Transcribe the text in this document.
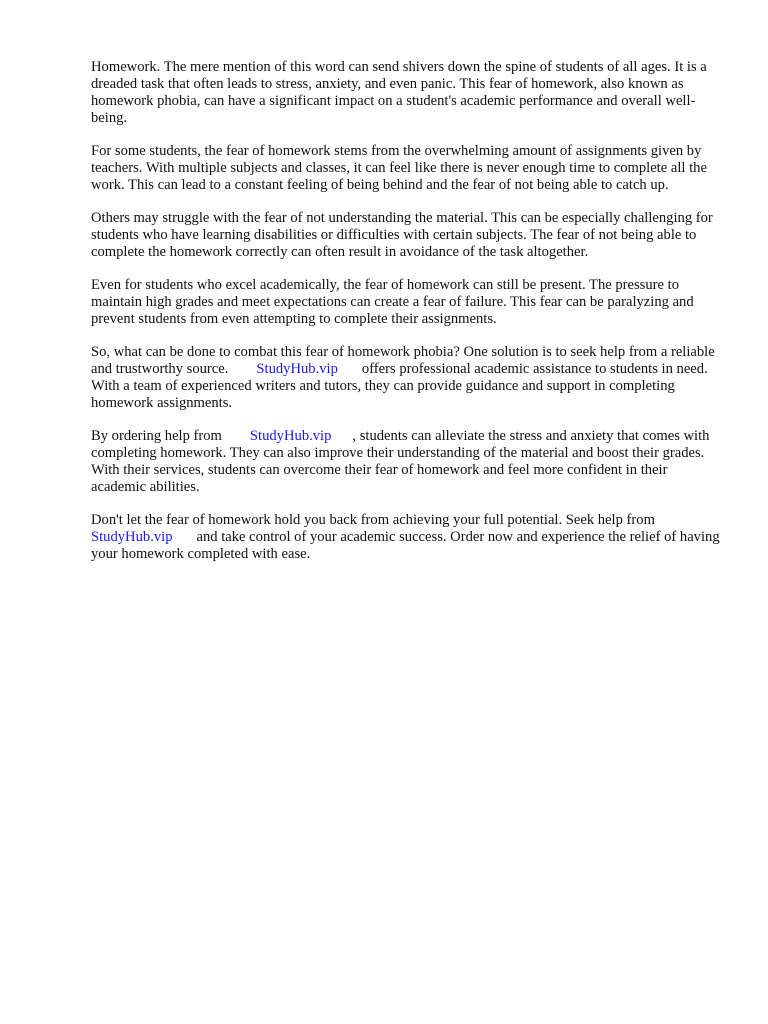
Homework. The mere mention of this word can send shivers down the spine of students of all ages. It is a dreaded task that often leads to stress, anxiety, and even panic. This fear of homework, also known as homework phobia, can have a significant impact on a student's academic performance and overall well-being.

For some students, the fear of homework stems from the overwhelming amount of assignments given by teachers. With multiple subjects and classes, it can feel like there is never enough time to complete all the work. This can lead to a constant feeling of being behind and the fear of not being able to catch up.

Others may struggle with the fear of not understanding the material. This can be especially challenging for students who have learning disabilities or difficulties with certain subjects. The fear of not being able to complete the homework correctly can often result in avoidance of the task altogether.

Even for students who excel academically, the fear of homework can still be present. The pressure to maintain high grades and meet expectations can create a fear of failure. This fear can be paralyzing and prevent students from even attempting to complete their assignments.

So, what can be done to combat this fear of homework phobia? One solution is to seek help from a reliable and trustworthy source. StudyHub.vip offers professional academic assistance to students in need. With a team of experienced writers and tutors, they can provide guidance and support in completing homework assignments.

By ordering help from StudyHub.vip , students can alleviate the stress and anxiety that comes with completing homework. They can also improve their understanding of the material and boost their grades. With their services, students can overcome their fear of homework and feel more confident in their academic abilities.

Don't let the fear of homework hold you back from achieving your full potential. Seek help from StudyHub.vip and take control of your academic success. Order now and experience the relief of having your homework completed with ease.
